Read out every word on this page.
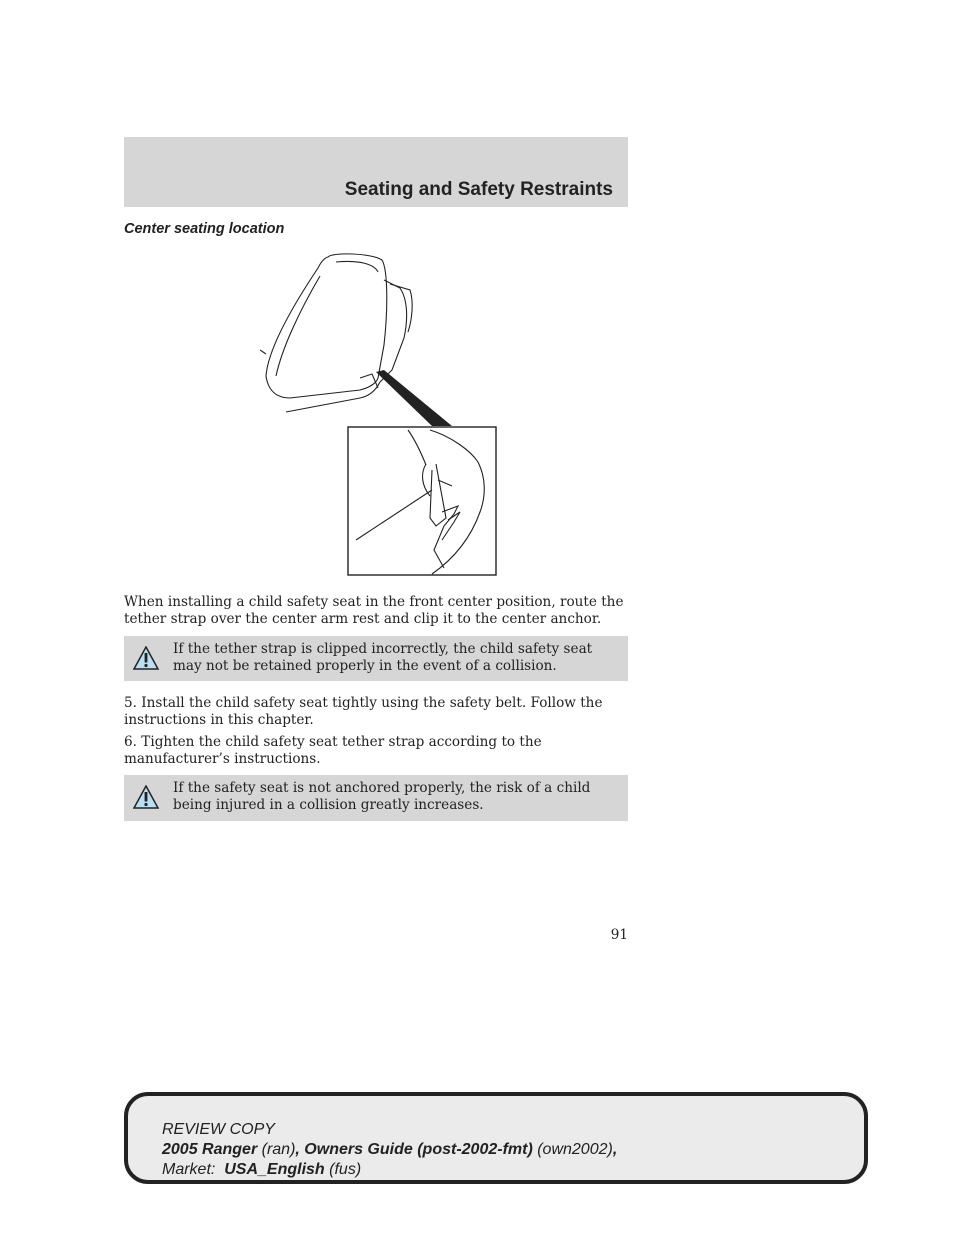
Seating and Safety Restraints
Center seating location
When installing a child safety seat in the front center position, route the tether strap over the center arm rest and clip it to the center anchor.
If the tether strap is clipped incorrectly, the child safety seat may not be retained properly in the event of a collision.
5. Install the child safety seat tightly using the safety belt. Follow the instructions in this chapter.
6. Tighten the child safety seat tether strap according to the manufacturer’s instructions.
If the safety seat is not anchored properly, the risk of a child being injured in a collision greatly increases.
91
REVIEW COPY
2005 Ranger (ran), Owners Guide (post-2002-fmt) (own2002),
Market:  USA_English (fus)
